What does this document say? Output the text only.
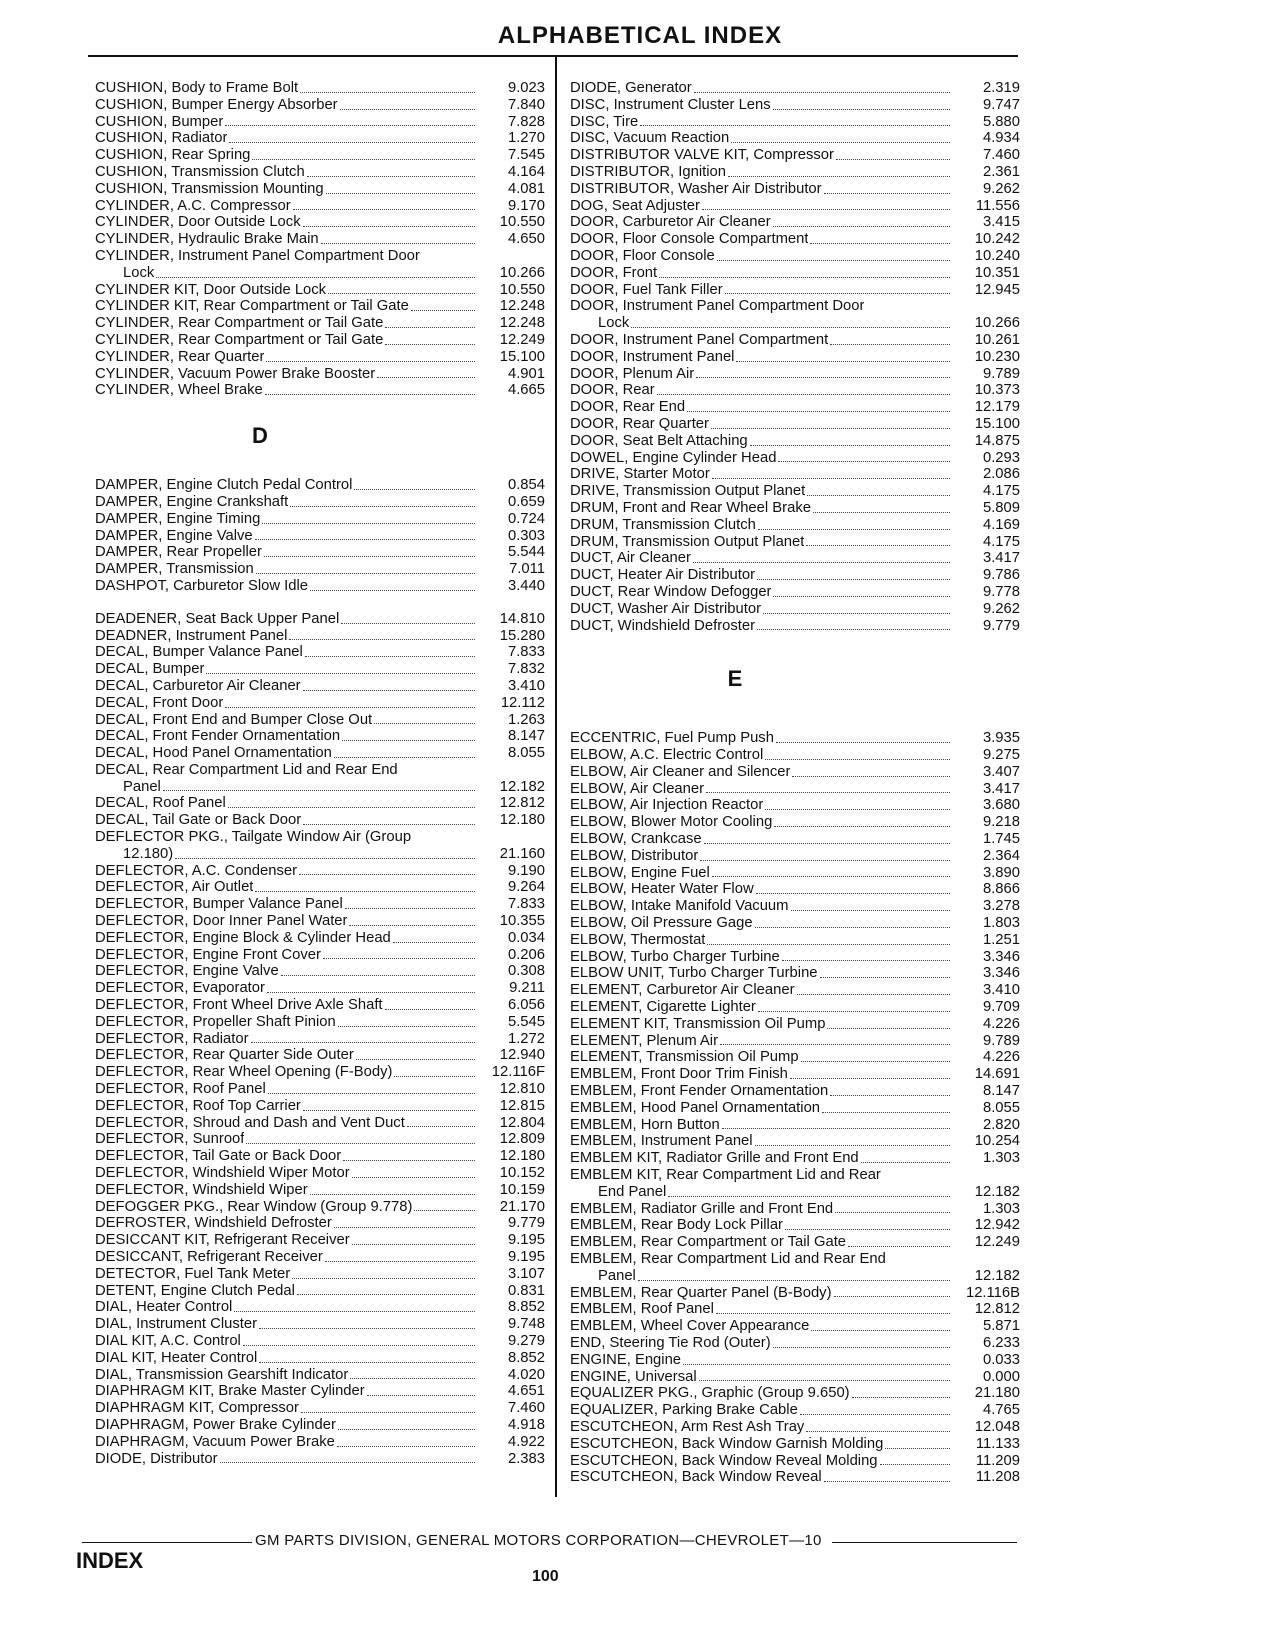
ALPHABETICAL INDEX
CUSHION, Body to Frame Bolt	9.023
CUSHION, Bumper Energy Absorber	7.840
CUSHION, Bumper	7.828
CUSHION, Radiator	1.270
CUSHION, Rear Spring	7.545
CUSHION, Transmission Clutch	4.164
CUSHION, Transmission Mounting	4.081
CYLINDER, A.C. Compressor	9.170
CYLINDER, Door Outside Lock	10.550
CYLINDER, Hydraulic Brake Main	4.650
CYLINDER, Instrument Panel Compartment Door
Lock	10.266
CYLINDER KIT, Door Outside Lock	10.550
CYLINDER KIT, Rear Compartment or Tail Gate	12.248
CYLINDER, Rear Compartment or Tail Gate	12.248
CYLINDER, Rear Compartment or Tail Gate	12.249
CYLINDER, Rear Quarter	15.100
CYLINDER, Vacuum Power Brake Booster	4.901
CYLINDER, Wheel Brake	4.665
D
DAMPER, Engine Clutch Pedal Control	0.854
DAMPER, Engine Crankshaft	0.659
DAMPER, Engine Timing	0.724
DAMPER, Engine Valve	0.303
DAMPER, Rear Propeller	5.544
DAMPER, Transmission	7.011
DASHPOT, Carburetor Slow Idle	3.440
DEADENER, Seat Back Upper Panel	14.810
DEADNER, Instrument Panel	15.280
DECAL, Bumper Valance Panel	7.833
DECAL, Bumper	7.832
DECAL, Carburetor Air Cleaner	3.410
DECAL, Front Door	12.112
DECAL, Front End and Bumper Close Out	1.263
DECAL, Front Fender Ornamentation	8.147
DECAL, Hood Panel Ornamentation	8.055
DECAL, Rear Compartment Lid and Rear End
Panel	12.182
DECAL, Roof Panel	12.812
DECAL, Tail Gate or Back Door	12.180
DEFLECTOR PKG., Tailgate Window Air (Group
12.180)	21.160
DEFLECTOR, A.C. Condenser	9.190
DEFLECTOR, Air Outlet	9.264
DEFLECTOR, Bumper Valance Panel	7.833
DEFLECTOR, Door Inner Panel Water	10.355
DEFLECTOR, Engine Block & Cylinder Head	0.034
DEFLECTOR, Engine Front Cover	0.206
DEFLECTOR, Engine Valve	0.308
DEFLECTOR, Evaporator	9.211
DEFLECTOR, Front Wheel Drive Axle Shaft	6.056
DEFLECTOR, Propeller Shaft Pinion	5.545
DEFLECTOR, Radiator	1.272
DEFLECTOR, Rear Quarter Side Outer	12.940
DEFLECTOR, Rear Wheel Opening (F-Body)	12.116F
DEFLECTOR, Roof Panel	12.810
DEFLECTOR, Roof Top Carrier	12.815
DEFLECTOR, Shroud and Dash and Vent Duct	12.804
DEFLECTOR, Sunroof	12.809
DEFLECTOR, Tail Gate or Back Door	12.180
DEFLECTOR, Windshield Wiper Motor	10.152
DEFLECTOR, Windshield Wiper	10.159
DEFOGGER PKG., Rear Window (Group 9.778)	21.170
DEFROSTER, Windshield Defroster	9.779
DESICCANT KIT, Refrigerant Receiver	9.195
DESICCANT, Refrigerant Receiver	9.195
DETECTOR, Fuel Tank Meter	3.107
DETENT, Engine Clutch Pedal	0.831
DIAL, Heater Control	8.852
DIAL, Instrument Cluster	9.748
DIAL KIT, A.C. Control	9.279
DIAL KIT, Heater Control	8.852
DIAL, Transmission Gearshift Indicator	4.020
DIAPHRAGM KIT, Brake Master Cylinder	4.651
DIAPHRAGM KIT, Compressor	7.460
DIAPHRAGM, Power Brake Cylinder	4.918
DIAPHRAGM, Vacuum Power Brake	4.922
DIODE, Distributor	2.383
DIODE, Generator	2.319
DISC, Instrument Cluster Lens	9.747
DISC, Tire	5.880
DISC, Vacuum Reaction	4.934
DISTRIBUTOR VALVE KIT, Compressor	7.460
DISTRIBUTOR, Ignition	2.361
DISTRIBUTOR, Washer Air Distributor	9.262
DOG, Seat Adjuster	11.556
DOOR, Carburetor Air Cleaner	3.415
DOOR, Floor Console Compartment	10.242
DOOR, Floor Console	10.240
DOOR, Front	10.351
DOOR, Fuel Tank Filler	12.945
DOOR, Instrument Panel Compartment Door
Lock	10.266
DOOR, Instrument Panel Compartment	10.261
DOOR, Instrument Panel	10.230
DOOR, Plenum Air	9.789
DOOR, Rear	10.373
DOOR, Rear End	12.179
DOOR, Rear Quarter	15.100
DOOR, Seat Belt Attaching	14.875
DOWEL, Engine Cylinder Head	0.293
DRIVE, Starter Motor	2.086
DRIVE, Transmission Output Planet	4.175
DRUM, Front and Rear Wheel Brake	5.809
DRUM, Transmission Clutch	4.169
DRUM, Transmission Output Planet	4.175
DUCT, Air Cleaner	3.417
DUCT, Heater Air Distributor	9.786
DUCT, Rear Window Defogger	9.778
DUCT, Washer Air Distributor	9.262
DUCT, Windshield Defroster	9.779
E
ECCENTRIC, Fuel Pump Push	3.935
ELBOW, A.C. Electric Control	9.275
ELBOW, Air Cleaner and Silencer	3.407
ELBOW, Air Cleaner	3.417
ELBOW, Air Injection Reactor	3.680
ELBOW, Blower Motor Cooling	9.218
ELBOW, Crankcase	1.745
ELBOW, Distributor	2.364
ELBOW, Engine Fuel	3.890
ELBOW, Heater Water Flow	8.866
ELBOW, Intake Manifold Vacuum	3.278
ELBOW, Oil Pressure Gage	1.803
ELBOW, Thermostat	1.251
ELBOW, Turbo Charger Turbine	3.346
ELBOW UNIT, Turbo Charger Turbine	3.346
ELEMENT, Carburetor Air Cleaner	3.410
ELEMENT, Cigarette Lighter	9.709
ELEMENT KIT, Transmission Oil Pump	4.226
ELEMENT, Plenum Air	9.789
ELEMENT, Transmission Oil Pump	4.226
EMBLEM, Front Door Trim Finish	14.691
EMBLEM, Front Fender Ornamentation	8.147
EMBLEM, Hood Panel Ornamentation	8.055
EMBLEM, Horn Button	2.820
EMBLEM, Instrument Panel	10.254
EMBLEM KIT, Radiator Grille and Front End	1.303
EMBLEM KIT, Rear Compartment Lid and Rear
End Panel	12.182
EMBLEM, Radiator Grille and Front End	1.303
EMBLEM, Rear Body Lock Pillar	12.942
EMBLEM, Rear Compartment or Tail Gate	12.249
EMBLEM, Rear Compartment Lid and Rear End
Panel	12.182
EMBLEM, Rear Quarter Panel (B-Body)	12.116B
EMBLEM, Roof Panel	12.812
EMBLEM, Wheel Cover Appearance	5.871
END, Steering Tie Rod (Outer)	6.233
ENGINE, Engine	0.033
ENGINE, Universal	0.000
EQUALIZER PKG., Graphic (Group 9.650)	21.180
EQUALIZER, Parking Brake Cable	4.765
ESCUTCHEON, Arm Rest Ash Tray	12.048
ESCUTCHEON, Back Window Garnish Molding	11.133
ESCUTCHEON, Back Window Reveal Molding	11.209
ESCUTCHEON, Back Window Reveal	11.208
GM PARTS DIVISION, GENERAL MOTORS CORPORATION—CHEVROLET—10
INDEX
100
